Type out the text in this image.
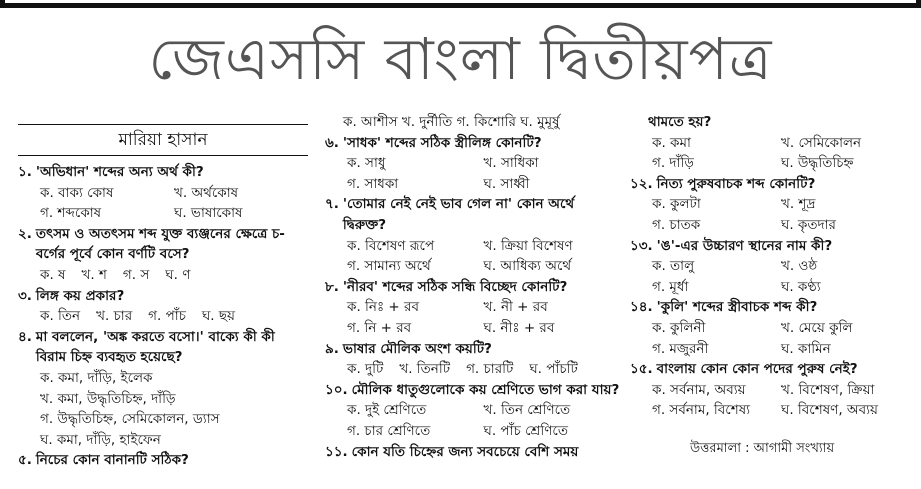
জেএসসি বাংলা দ্বিতীয়পত্র
মারিয়া হাসান
১. 'অভিধান' শব্দের অন্য অর্থ কী?
ক. বাক্য কোষ	খ. অর্থকোষ
গ. শব্দকোষ	ঘ. ভাষাকোষ
২. তৎসম ও অতৎসম শব্দ যুক্ত ব্যঞ্জনের ক্ষেত্রে চ-বর্গের পূর্বে কোন বর্ণটি বসে?
ক. ষ খ. শ গ. স ঘ. ণ
৩. লিঙ্গ কয় প্রকার?
ক. তিন খ. চার গ. পাঁচ ঘ. ছয়
৪. মা বললেন, 'অঙ্ক করতে বসো।' বাক্যে কী কী বিরাম চিহ্ন ব্যবহৃত হয়েছে?
ক. কমা, দাঁড়ি, ইলেক
খ. কমা, উদ্ধৃতিচিহ্ন, দাঁড়ি
গ. উদ্ধৃতিচিহ্ন, সেমিকোলন, ড্যাস
ঘ. কমা, দাঁড়ি, হাইফেন
৫. নিচের কোন বানানটি সঠিক?
ক. আশীস খ. দুর্নীতি গ. কিশোরি ঘ. মুমূর্ষু
৬. 'সাধক' শব্দের সঠিক স্ত্রীলিঙ্গ কোনটি?
ক. সাধু	খ. সাধিকা
গ. সাধকা	ঘ. সাধ্বী
৭. 'তোমার নেই নেই ভাব গেল না' কোন অর্থে দ্বিরুক্ত?
ক. বিশেষণ রূপে	খ. ক্রিয়া বিশেষণ
গ. সামান্য অর্থে	ঘ. আধিক্য অর্থে
৮. 'নীরব' শব্দের সঠিক সন্ধি বিচ্ছেদ কোনটি?
ক. নিঃ + রব	খ. নী + রব
গ. নি + রব	ঘ. নীঃ + রব
৯. ভাষার মৌলিক অংশ কয়টি?
ক. দুটি খ. তিনটি গ. চারটি ঘ. পাঁচটি
১০. মৌলিক ধাতুগুলোকে কয় শ্রেণিতে ভাগ করা যায়?
ক. দুই শ্রেণিতে	খ. তিন শ্রেণিতে
গ. চার শ্রেণিতে	ঘ. পাঁচ শ্রেণিতে
১১. কোন যতি চিহ্নের জন্য সবচেয়ে বেশি সময়
থামতে হয়?
ক. কমা	খ. সেমিকোলন
গ. দাঁড়ি	ঘ. উদ্ধৃতিচিহ্ন
১২. নিত্য পুরুষবাচক শব্দ কোনটি?
ক. কুলটা	খ. শূদ্র
গ. চাতক	ঘ. কৃতদার
১৩. 'ঙ'-এর উচ্চারণ স্থানের নাম কী?
ক. তালু	খ. ওষ্ঠ
গ. মূর্ধা	ঘ. কণ্ঠ্য
১৪. 'কুলি' শব্দের স্ত্রীবাচক শব্দ কী?
ক. কুলিনী	খ. মেয়ে কুলি
গ. মজুরনী	ঘ. কামিন
১৫. বাংলায় কোন কোন পদের পুরুষ নেই?
ক. সর্বনাম, অব্যয়	খ. বিশেষণ, ক্রিয়া
গ. সর্বনাম, বিশেষ্য	ঘ. বিশেষণ, অব্যয়
উত্তরমালা : আগামী সংখ্যায়
